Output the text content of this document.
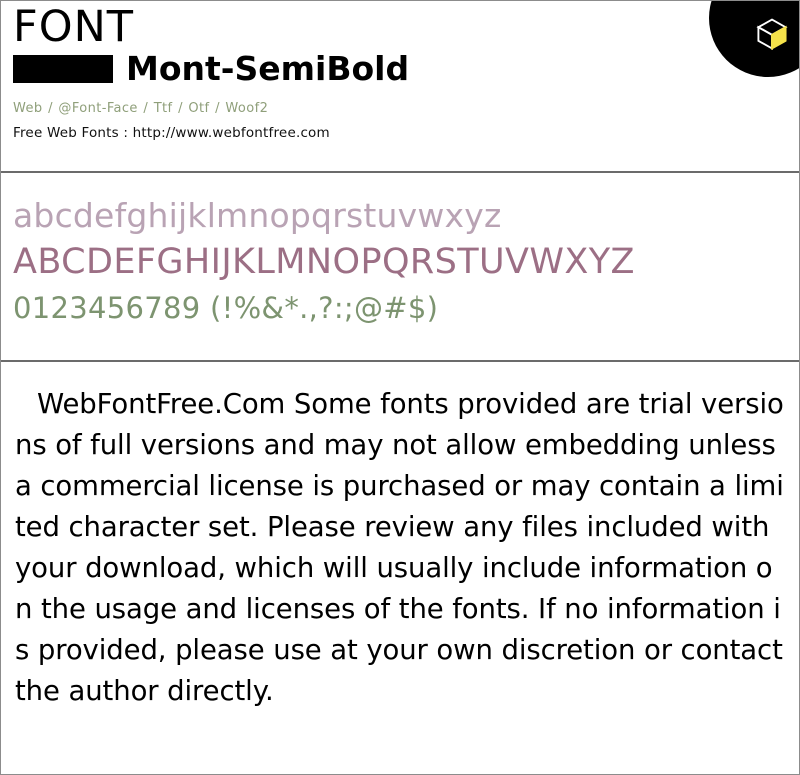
FONT
Mont-SemiBold
Web / @Font-Face / Ttf / Otf / Woof2
Free Web Fonts : http://www.webfontfree.com
abcdefghijklmnopqrstuvwxyz
ABCDEFGHIJKLMNOPQRSTUVWXYZ
0123456789 (!%&*.,?:;@#$)
WebFontFree.Com Some fonts provided are trial versions of full versions and may not allow embedding unless a commercial license is purchased or may contain a limited character set. Please review any files included with your download, which will usually include information on the usage and licenses of the fonts. If no information is provided, please use at your own discretion or contact the author directly.
